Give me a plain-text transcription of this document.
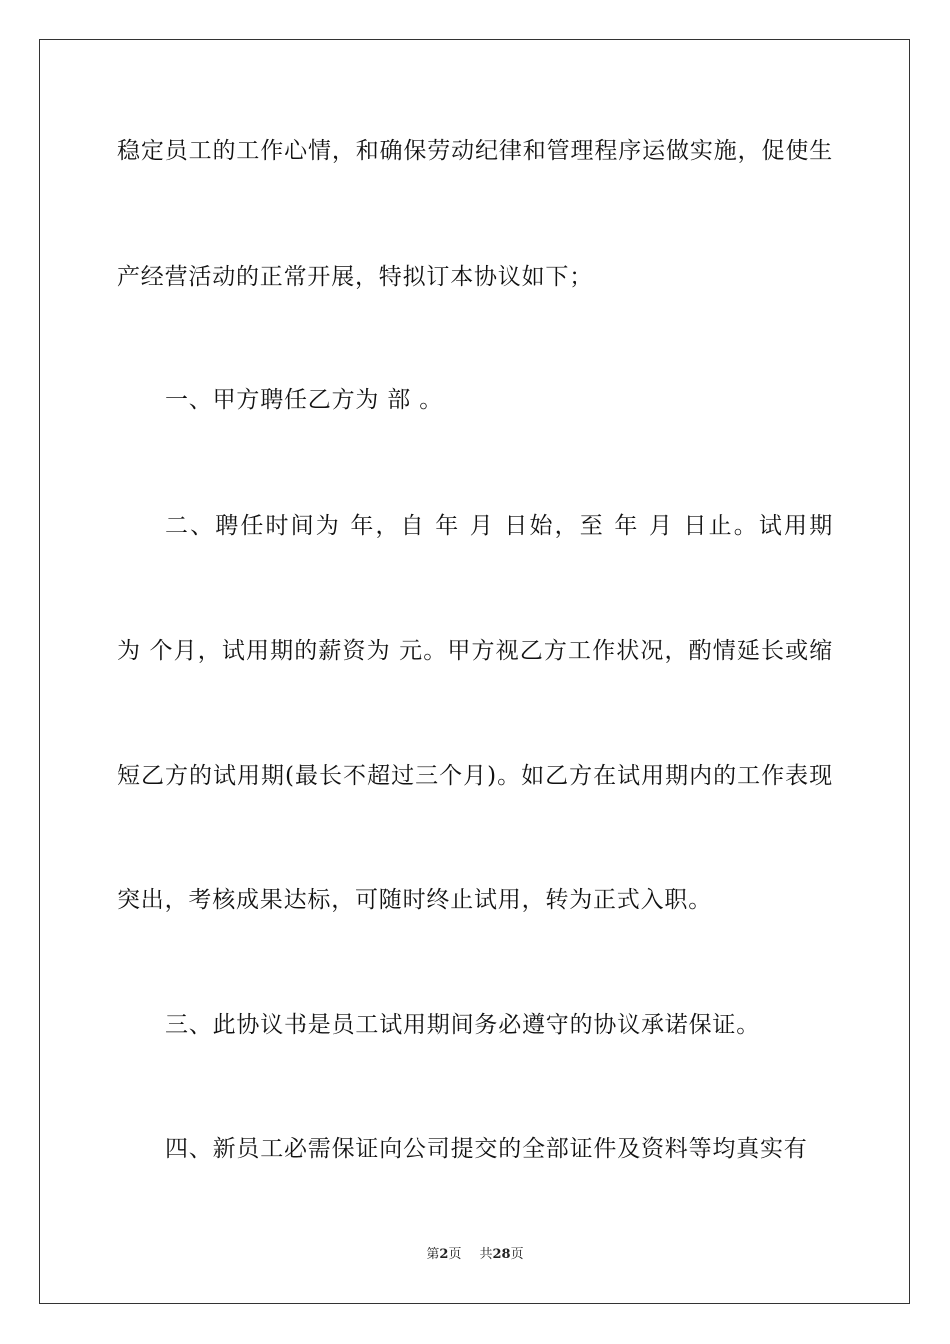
稳定员工的工作心情，和确保劳动纪律和管理程序运做实施，促使生
产经营活动的正常开展，特拟订本协议如下；
一、甲方聘任乙方为 部 。
二、聘任时间为 年，自 年 月 日始，至 年 月 日止。试用期
为 个月，试用期的薪资为 元。甲方视乙方工作状况，酌情延长或缩
短乙方的试用期(最长不超过三个月)。如乙方在试用期内的工作表现
突出，考核成果达标，可随时终止试用，转为正式入职。
三、此协议书是员工试用期间务必遵守的协议承诺保证。
四、新员工必需保证向公司提交的全部证件及资料等均真实有
第2页 共28页
